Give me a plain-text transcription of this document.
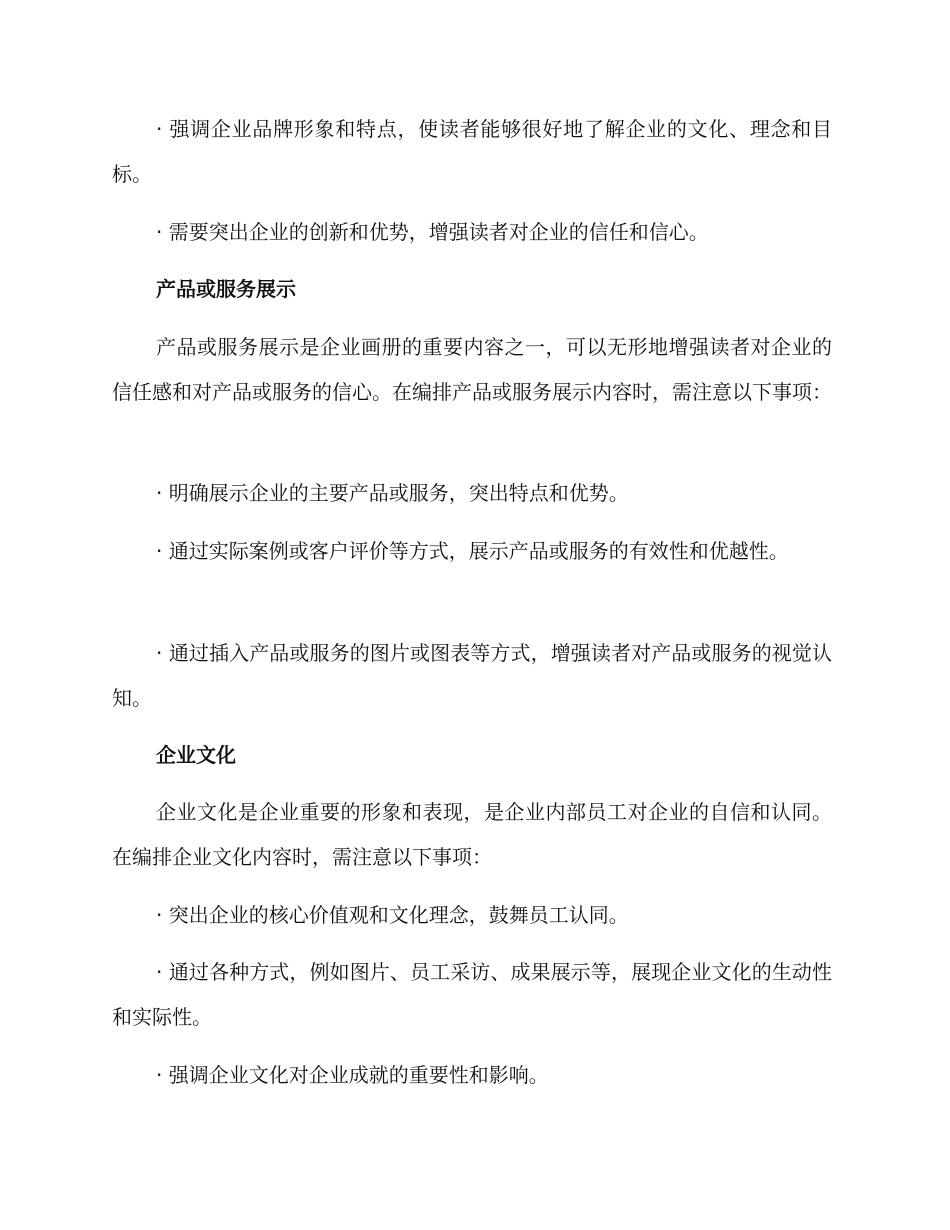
· 强调企业品牌形象和特点，使读者能够很好地了解企业的文化、理念和目标。

· 需要突出企业的创新和优势，增强读者对企业的信任和信心。

产品或服务展示

产品或服务展示是企业画册的重要内容之一，可以无形地增强读者对企业的信任感和对产品或服务的信心。在编排产品或服务展示内容时，需注意以下事项：

· 明确展示企业的主要产品或服务，突出特点和优势。

· 通过实际案例或客户评价等方式，展示产品或服务的有效性和优越性。

· 通过插入产品或服务的图片或图表等方式，增强读者对产品或服务的视觉认知。

企业文化

企业文化是企业重要的形象和表现，是企业内部员工对企业的自信和认同。在编排企业文化内容时，需注意以下事项：

· 突出企业的核心价值观和文化理念，鼓舞员工认同。

· 通过各种方式，例如图片、员工采访、成果展示等，展现企业文化的生动性和实际性。

· 强调企业文化对企业成就的重要性和影响。
